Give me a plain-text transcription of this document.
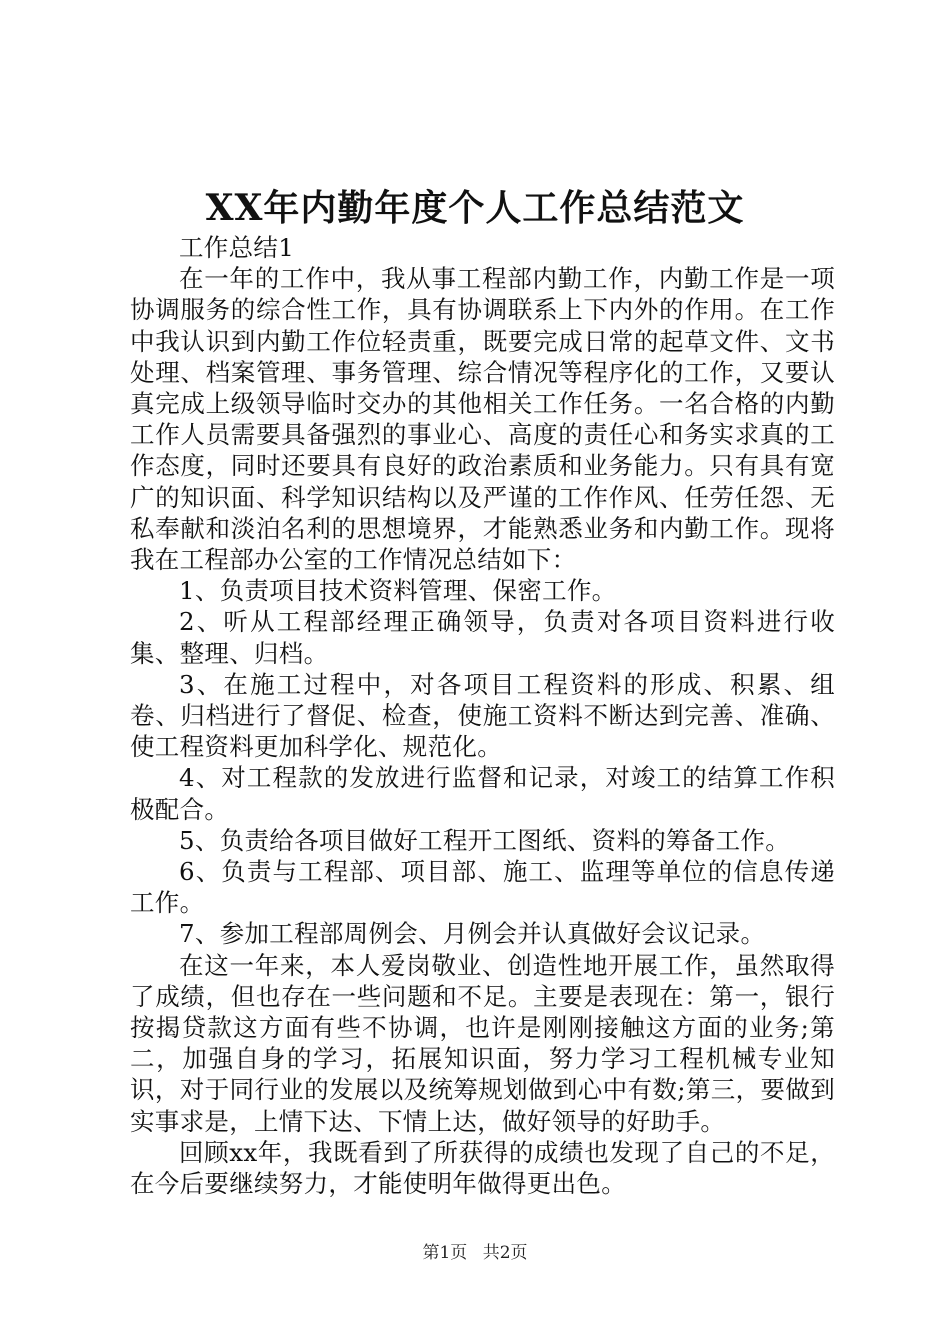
XX年内勤年度个人工作总结范文

工作总结1

在一年的工作中，我从事工程部内勤工作，内勤工作是一项协调服务的综合性工作，具有协调联系上下内外的作用。在工作中我认识到内勤工作位轻责重，既要完成日常的起草文件、文书处理、档案管理、事务管理、综合情况等程序化的工作，又要认真完成上级领导临时交办的其他相关工作任务。一名合格的内勤工作人员需要具备强烈的事业心、高度的责任心和务实求真的工作态度，同时还要具有良好的政治素质和业务能力。只有具有宽广的知识面、科学知识结构以及严谨的工作作风、任劳任怨、无私奉献和淡泊名利的思想境界，才能熟悉业务和内勤工作。现将我在工程部办公室的工作情况总结如下：

1、负责项目技术资料管理、保密工作。

2、听从工程部经理正确领导，负责对各项目资料进行收集、整理、归档。

3、在施工过程中，对各项目工程资料的形成、积累、组卷、归档进行了督促、检查，使施工资料不断达到完善、准确、使工程资料更加科学化、规范化。

4、对工程款的发放进行监督和记录，对竣工的结算工作积极配合。

5、负责给各项目做好工程开工图纸、资料的筹备工作。

6、负责与工程部、项目部、施工、监理等单位的信息传递工作。

7、参加工程部周例会、月例会并认真做好会议记录。

在这一年来，本人爱岗敬业、创造性地开展工作，虽然取得了成绩，但也存在一些问题和不足。主要是表现在：第一，银行按揭贷款这方面有些不协调，也许是刚刚接触这方面的业务;第二，加强自身的学习，拓展知识面，努力学习工程机械专业知识，对于同行业的发展以及统筹规划做到心中有数;第三，要做到实事求是，上情下达、下情上达，做好领导的好助手。

回顾xx年，我既看到了所获得的成绩也发现了自己的不足，在今后要继续努力，才能使明年做得更出色。

第1页 共2页
